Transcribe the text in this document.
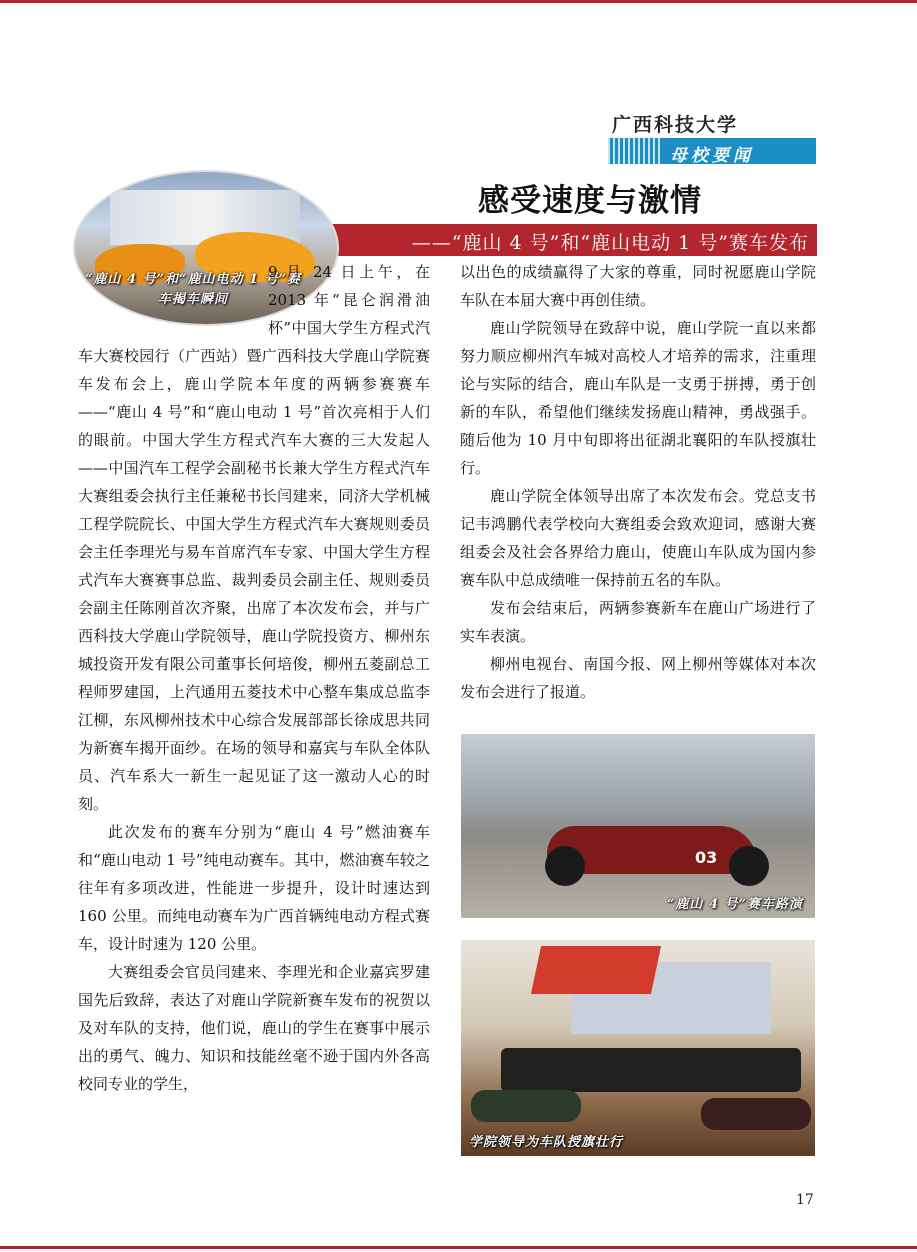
广西科技大学
母校要闻
感受速度与激情
——“鹿山 4 号”和“鹿山电动 1 号”赛车发布
“鹿山 4 号”和“鹿山电动 1 号”赛车揭车瞬间

9 月 24 日上午，在 2013 年“昆仑润滑油杯”中国大学生方程式汽车大赛校园行（广西站）暨广西科技大学鹿山学院赛车发布会上，鹿山学院本年度的两辆参赛赛车——“鹿山 4 号”和“鹿山电动 1 号”首次亮相于人们的眼前。中国大学生方程式汽车大赛的三大发起人——中国汽车工程学会副秘书长兼大学生方程式汽车大赛组委会执行主任兼秘书长闫建来，同济大学机械工程学院院长、中国大学生方程式汽车大赛规则委员会主任李理光与易车首席汽车专家、中国大学生方程式汽车大赛赛事总监、裁判委员会副主任、规则委员会副主任陈刚首次齐聚，出席了本次发布会，并与广西科技大学鹿山学院领导，鹿山学院投资方、柳州东城投资开发有限公司董事长何培俊，柳州五菱副总工程师罗建国，上汽通用五菱技术中心整车集成总监李江柳，东风柳州技术中心综合发展部部长徐成思共同为新赛车揭开面纱。在场的领导和嘉宾与车队全体队员、汽车系大一新生一起见证了这一激动人心的时刻。

此次发布的赛车分别为“鹿山 4 号”燃油赛车和“鹿山电动 1 号”纯电动赛车。其中，燃油赛车较之往年有多项改进，性能进一步提升，设计时速达到 160 公里。而纯电动赛车为广西首辆纯电动方程式赛车，设计时速为 120 公里。

大赛组委会官员闫建来、李理光和企业嘉宾罗建国先后致辞，表达了对鹿山学院新赛车发布的祝贺以及对车队的支持，他们说，鹿山的学生在赛事中展示出的勇气、魄力、知识和技能丝毫不逊于国内外各高校同专业的学生，

以出色的成绩赢得了大家的尊重，同时祝愿鹿山学院车队在本届大赛中再创佳绩。

鹿山学院领导在致辞中说，鹿山学院一直以来都努力顺应柳州汽车城对高校人才培养的需求，注重理论与实际的结合，鹿山车队是一支勇于拼搏，勇于创新的车队，希望他们继续发扬鹿山精神，勇战强手。随后他为 10 月中旬即将出征湖北襄阳的车队授旗壮行。

鹿山学院全体领导出席了本次发布会。党总支书记韦鸿鹏代表学校向大赛组委会致欢迎词，感谢大赛组委会及社会各界给力鹿山，使鹿山车队成为国内参赛车队中总成绩唯一保持前五名的车队。

发布会结束后，两辆参赛新车在鹿山广场进行了实车表演。

柳州电视台、南国今报、网上柳州等媒体对本次发布会进行了报道。

03
“鹿山 4 号”赛车路演
学院领导为车队授旗壮行
17
